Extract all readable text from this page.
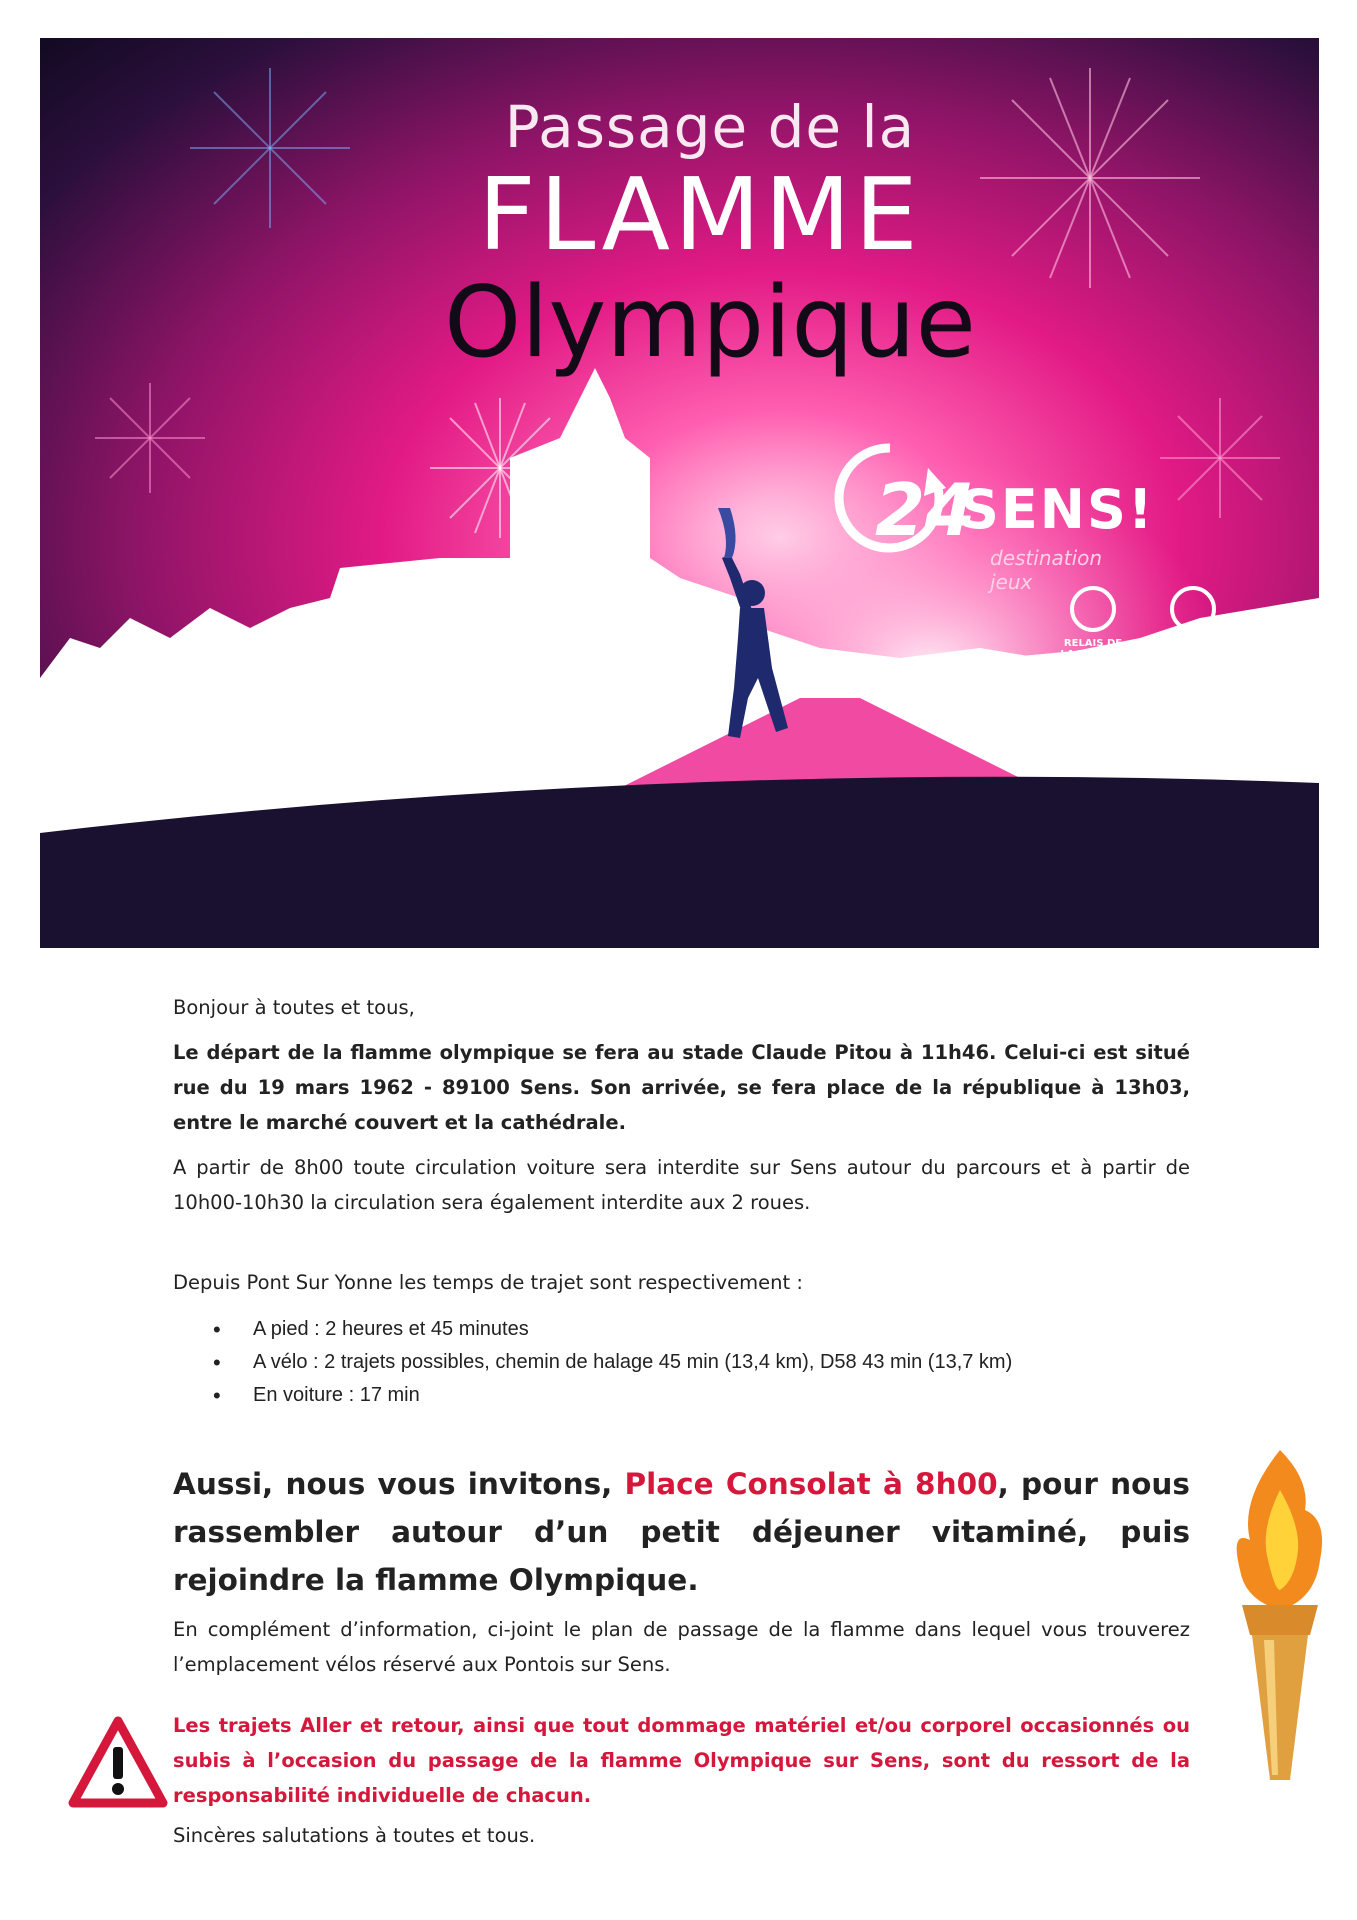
Passage de la
FLAMME
Olympique
24
SENS!
destination jeux
RELAIS DE
LA FLAMME
OLYMPIQUE
PARIS 2024
RELAIS DE
LA FLAMME
PARALYMPIQUE
PARIS 2024
Bonjour à toutes et tous,
Le départ de la flamme olympique se fera au stade Claude Pitou à 11h46. Celui-ci est situé rue du 19 mars 1962 - 89100 Sens. Son arrivée, se fera place de la république à 13h03, entre le marché couvert et la cathédrale.
A partir de 8h00 toute circulation voiture sera interdite sur Sens autour du parcours et à partir de 10h00-10h30 la circulation sera également interdite aux 2 roues.
Depuis Pont Sur Yonne les temps de trajet sont respectivement :
• A pied : 2 heures et 45 minutes
• A vélo : 2 trajets possibles, chemin de halage 45 min (13,4 km), D58 43 min (13,7 km)
• En voiture : 17 min
Aussi, nous vous invitons, Place Consolat à 8h00, pour nous rassembler autour d’un petit déjeuner vitaminé, puis rejoindre la flamme Olympique.
En complément d’information, ci-joint le plan de passage de la flamme dans lequel vous trouverez l’emplacement vélos réservé aux Pontois sur Sens.
Les trajets Aller et retour, ainsi que tout dommage matériel et/ou corporel occasionnés ou subis à l’occasion du passage de la flamme Olympique sur Sens, sont du ressort de la responsabilité individuelle de chacun.
Sincères salutations à toutes et tous.
